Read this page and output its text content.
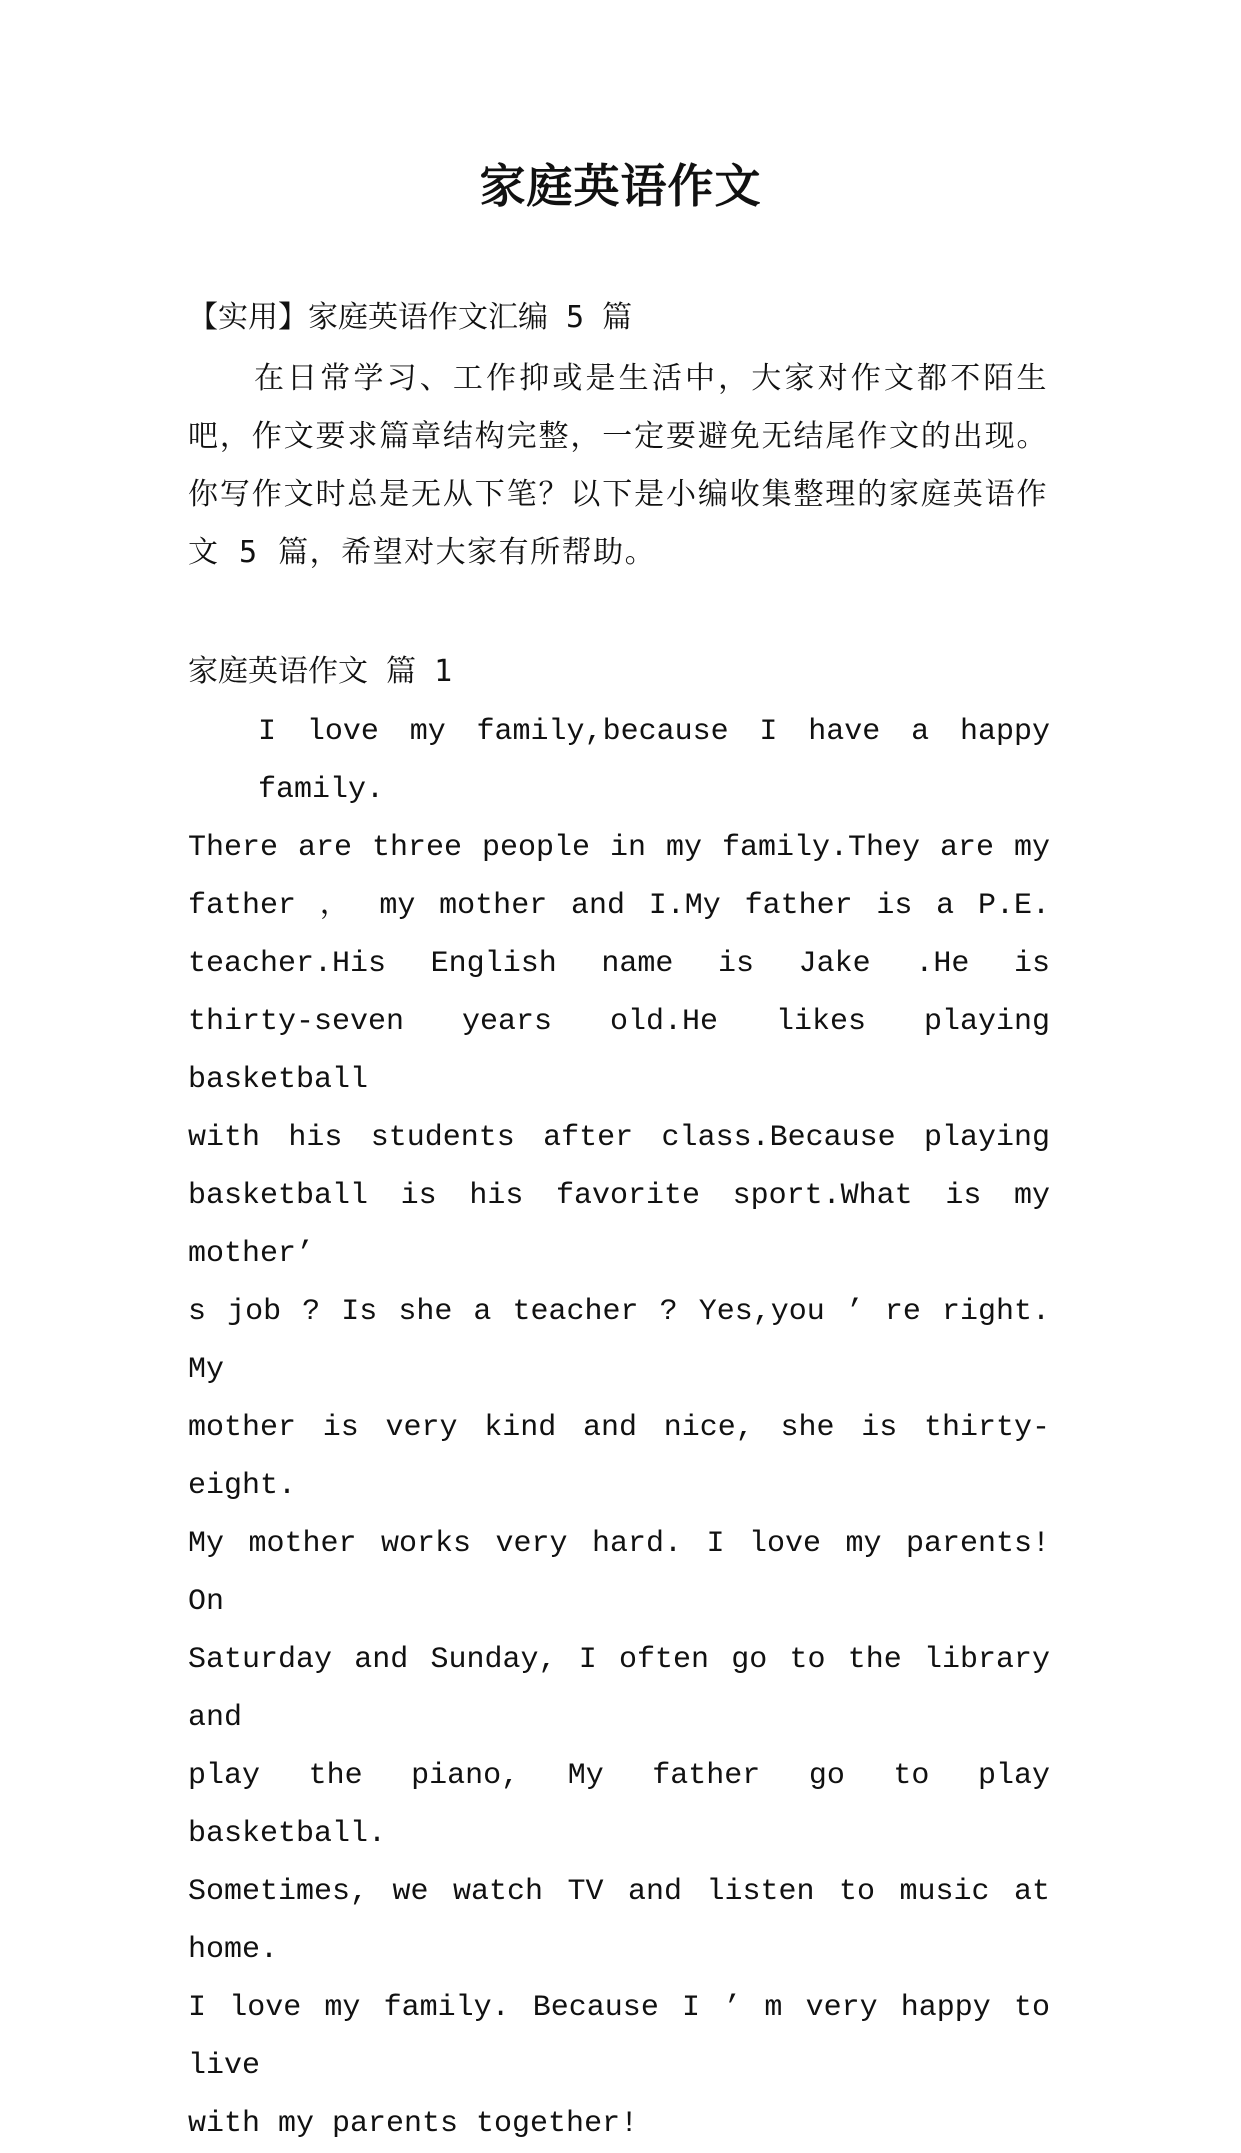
家庭英语作文

【实用】家庭英语作文汇编 5 篇

在日常学习、工作抑或是生活中，大家对作文都不陌生吧，作文要求篇章结构完整，一定要避免无结尾作文的出现。你写作文时总是无从下笔？以下是小编收集整理的家庭英语作文 5 篇，希望对大家有所帮助。

家庭英语作文 篇 1

I love my family,because I have a happy family.
There are three people in my family.They are my
father ， my mother and I.My father is a P.E.
teacher.His English name is Jake .He is
thirty-seven years old.He likes playing basketball
with his students after class.Because playing
basketball is his favorite sport.What is my mother’
s job ? Is she a teacher ? Yes,you ’ re right. My
mother is very kind and nice, she is thirty-eight.
My mother works very hard. I love my parents! On
Saturday and Sunday, I often go to the library and
play the piano, My father go to play basketball.
Sometimes, we watch TV and listen to music at home.
I love my family. Because I ’ m very happy to live
with my parents together!
